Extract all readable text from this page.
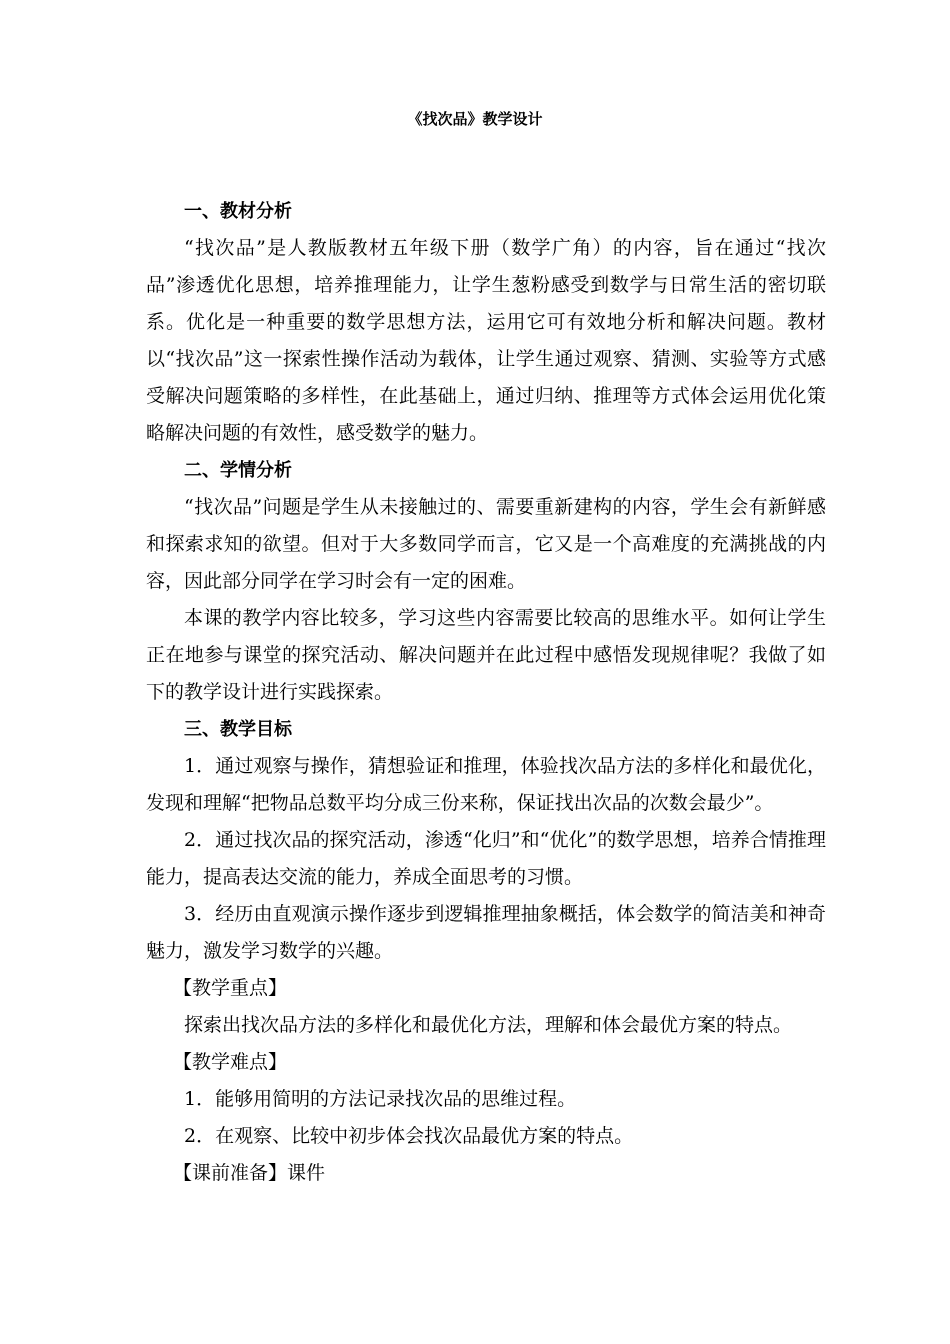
《找次品》教学设计

一、教材分析

“找次品”是人教版教材五年级下册（数学广角）的内容，旨在通过“找次品”渗透优化思想，培养推理能力，让学生葱粉感受到数学与日常生活的密切联系。优化是一种重要的数学思想方法，运用它可有效地分析和解决问题。教材以“找次品”这一探索性操作活动为载体，让学生通过观察、猜测、实验等方式感受解决问题策略的多样性，在此基础上，通过归纳、推理等方式体会运用优化策略解决问题的有效性，感受数学的魅力。

二、学情分析

“找次品”问题是学生从未接触过的、需要重新建构的内容，学生会有新鲜感和探索求知的欲望。但对于大多数同学而言，它又是一个高难度的充满挑战的内容，因此部分同学在学习时会有一定的困难。

本课的教学内容比较多，学习这些内容需要比较高的思维水平。如何让学生正在地参与课堂的探究活动、解决问题并在此过程中感悟发现规律呢？我做了如下的教学设计进行实践探索。

三、教学目标

1．通过观察与操作，猜想验证和推理，体验找次品方法的多样化和最优化，发现和理解“把物品总数平均分成三份来称，保证找出次品的次数会最少”。

2．通过找次品的探究活动，渗透“化归”和“优化”的数学思想，培养合情推理能力，提高表达交流的能力，养成全面思考的习惯。

3．经历由直观演示操作逐步到逻辑推理抽象概括，体会数学的简洁美和神奇魅力，激发学习数学的兴趣。

【教学重点】

探索出找次品方法的多样化和最优化方法，理解和体会最优方案的特点。

【教学难点】

1．能够用简明的方法记录找次品的思维过程。

2．在观察、比较中初步体会找次品最优方案的特点。

【课前准备】课件
